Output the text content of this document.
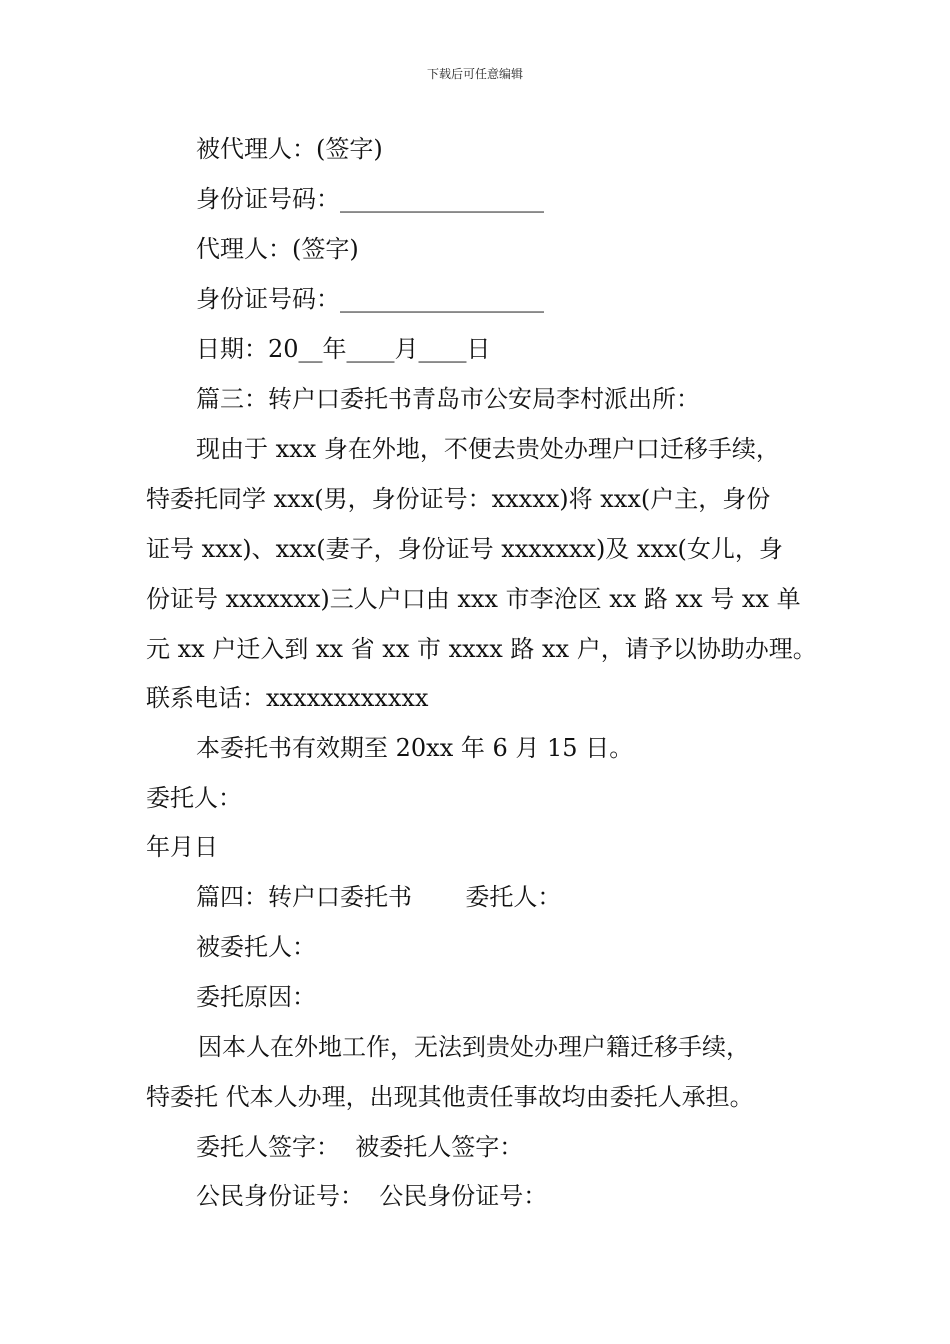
下载后可任意编辑
被代理人：(签字)
身份证号码：_________________
代理人：(签字)
身份证号码：_________________
日期：20__年____月____日
篇三：转户口委托书青岛市公安局李村派出所：
现由于 xxx 身在外地，不便去贵处办理户口迁移手续，
特委托同学 xxx(男，身份证号：xxxxx)将 xxx(户主，身份
证号 xxx)、xxx(妻子，身份证号 xxxxxxx)及 xxx(女儿，身
份证号 xxxxxxx)三人户口由 xxx 市李沧区 xx 路 xx 号 xx 单
元 xx 户迁入到 xx 省 xx 市 xxxx 路 xx 户，请予以协助办理。
联系电话：xxxxxxxxxxxx
本委托书有效期至 20xx 年 6 月 15 日。
委托人：
年月日
篇四：转户口委托书       委托人：
被委托人：
委托原因：
因本人在外地工作，无法到贵处办理户籍迁移手续，
特委托 代本人办理，出现其他责任事故均由委托人承担。
委托人签字：  被委托人签字：
公民身份证号：  公民身份证号：
